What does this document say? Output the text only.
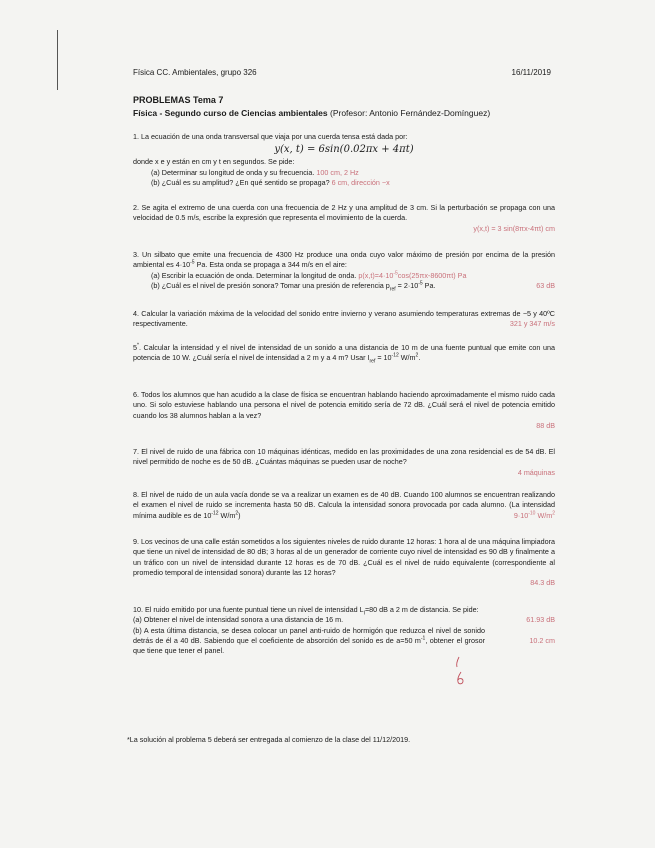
Física CC. Ambientales, grupo 326	16/11/2019
PROBLEMAS Tema 7
Física - Segundo curso de Ciencias ambientales (Profesor: Antonio Fernández-Domínguez)
1. La ecuación de una onda transversal que viaja por una cuerda tensa está dada por:
y(x, t) = 6sin(0.02πx + 4πt)
donde x e y están en cm y t en segundos. Se pide:
(a) Determinar su longitud de onda y su frecuencia. 100 cm, 2 Hz
(b) ¿Cuál es su amplitud? ¿En qué sentido se propaga? 6 cm, dirección −x
2. Se agita el extremo de una cuerda con una frecuencia de 2 Hz y una amplitud de 3 cm. Si la perturbación se propaga con una velocidad de 0.5 m/s, escribe la expresión que representa el movimiento de la cuerda.
y(x,t) = 3 sin(8πx-4πt) cm
3. Un silbato que emite una frecuencia de 4300 Hz produce una onda cuyo valor máximo de presión por encima de la presión ambiental es $4\cdot 10^{-5}$ Pa. Esta onda se propaga a 344 m/s en el aire:
(a) Escribir la ecuación de onda. Determinar la longitud de onda. $p(x,t)=4\cdot 10^{-5}\cos(25\pi x-8600\pi t)$ Pa
(b) ¿Cuál es el nivel de presión sonora? Tomar una presión de referencia $p_{ref} = 2\cdot 10^{-5}$ Pa.	63 dB
4. Calcular la variación máxima de la velocidad del sonido entre invierno y verano asumiendo temperaturas extremas de −5 y 40ºC respectivamente.	321 y 347 m/s
5*. Calcular la intensidad y el nivel de intensidad de un sonido a una distancia de 10 m de una fuente puntual que emite con una potencia de 10 W. ¿Cuál sería el nivel de intensidad a 2 m y a 4 m? Usar $I_{ref} = 10^{-12}$ $W/m^2$.
6. Todos los alumnos que han acudido a la clase de física se encuentran hablando haciendo aproximadamente el mismo ruido cada uno. Si solo estuviese hablando una persona el nivel de potencia emitido sería de 72 dB. ¿Cuál será el nivel de potencia emitido cuando los 38 alumnos hablan a la vez?
88 dB
7. El nivel de ruido de una fábrica con 10 máquinas idénticas, medido en las proximidades de una zona residencial es de 54 dB. El nivel permitido de noche es de 50 dB. ¿Cuántas máquinas se pueden usar de noche?
4 máquinas
8. El nivel de ruido de un aula vacía donde se va a realizar un examen es de 40 dB. Cuando 100 alumnos se encuentran realizando el examen el nivel de ruido se incrementa hasta 50 dB. Calcula la intensidad sonora provocada por cada alumno. (La intensidad mínima audible es de $10^{-12}$ $W/m^2$)	$9\cdot 10^{-10}$ $W/m^2$
9. Los vecinos de una calle están sometidos a los siguientes niveles de ruido durante 12 horas: 1 hora al de una máquina limpiadora que tiene un nivel de intensidad de 80 dB; 3 horas al de un generador de corriente cuyo nivel de intensidad es 90 dB y finalmente a un tráfico con un nivel de intensidad durante 12 horas es de 70 dB. ¿Cuál es el nivel de ruido equivalente (correspondiente al promedio temporal de intensidad sonora) durante las 12 horas?
84.3 dB
10. El ruido emitido por una fuente puntual tiene un nivel de intensidad $L_I=80$ dB a 2 m de distancia. Se pide:
(a) Obtener el nivel de intensidad sonora a una distancia de 16 m.	61.93 dB
(b) A esta última distancia, se desea colocar un panel anti-ruido de hormigón que reduzca el nivel de sonido detrás de él a 40 dB. Sabiendo que el coeficiente de absorción del sonido es de a=50 $m^{-1}$, obtener el grosor que tiene que tener el panel.
10.2 cm
*La solución al problema 5 deberá ser entregada al comienzo de la clase del 11/12/2019.
